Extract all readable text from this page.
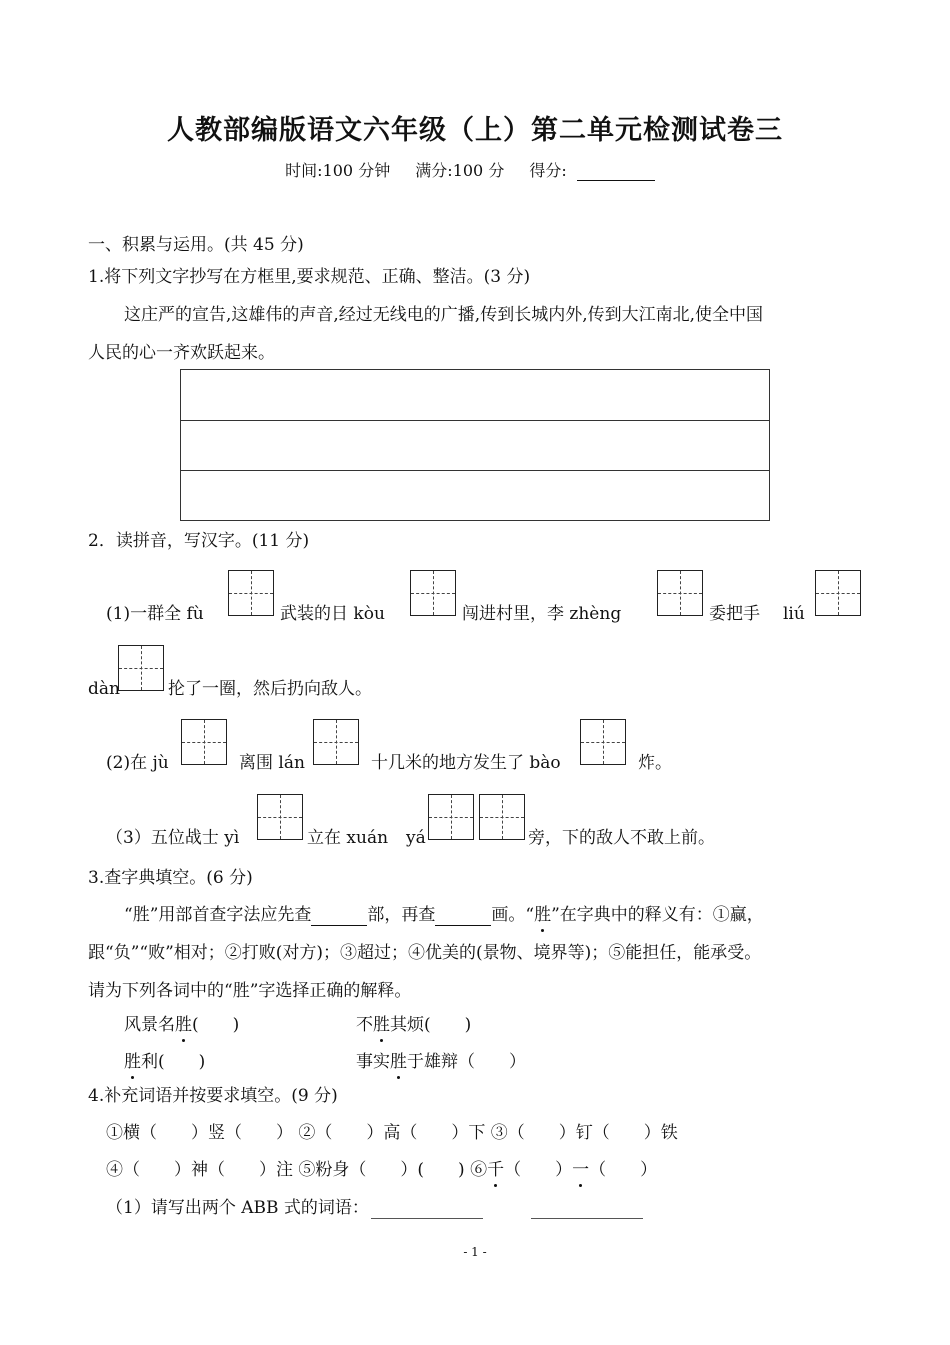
人教部编版语文六年级（上）第二单元检测试卷三
时间:100 分钟 满分:100 分 得分:
一、积累与运用。(共 45 分)
1.将下列文字抄写在方框里,要求规范、正确、整洁。(3 分)
这庄严的宣告,这雄伟的声音,经过无线电的广播,传到长城内外,传到大江南北,使全中国
人民的心一齐欢跃起来。
2．读拼音，写汉字。(11 分)
(1)一群全 fù	武装的日 kòu	闯进村里，李 zhèng	委把手 liú
dàn	抡了一圈，然后扔向敌人。
(2)在 jù	离围 lán	十几米的地方发生了 bào	炸。
（3）五位战士 yì	立在 xuán yá	旁，下的敌人不敢上前。
3.查字典填空。(6 分)
“胜”用部首查字法应先查	部，再查	画。“胜”在字典中的释义有：①赢，
跟“负”“败”相对；②打败(对方)；③超过；④优美的(景物、境界等)；⑤能担任，能承受。
请为下列各词中的“胜”字选择正确的解释。
风景名胜(　　)	不胜其烦(　　)
胜利(　　)	事实胜于雄辩（　　）
4.补充词语并按要求填空。(9 分)
①横（　　）竖（　　） ②（　　）高（　　）下 ③（　　）钉（　　）铁
④（　　）神（　　）注 ⑤粉身（　　）(　　) ⑥千（　　）一（　　）
（1）请写出两个 ABB 式的词语：
- 1 -
